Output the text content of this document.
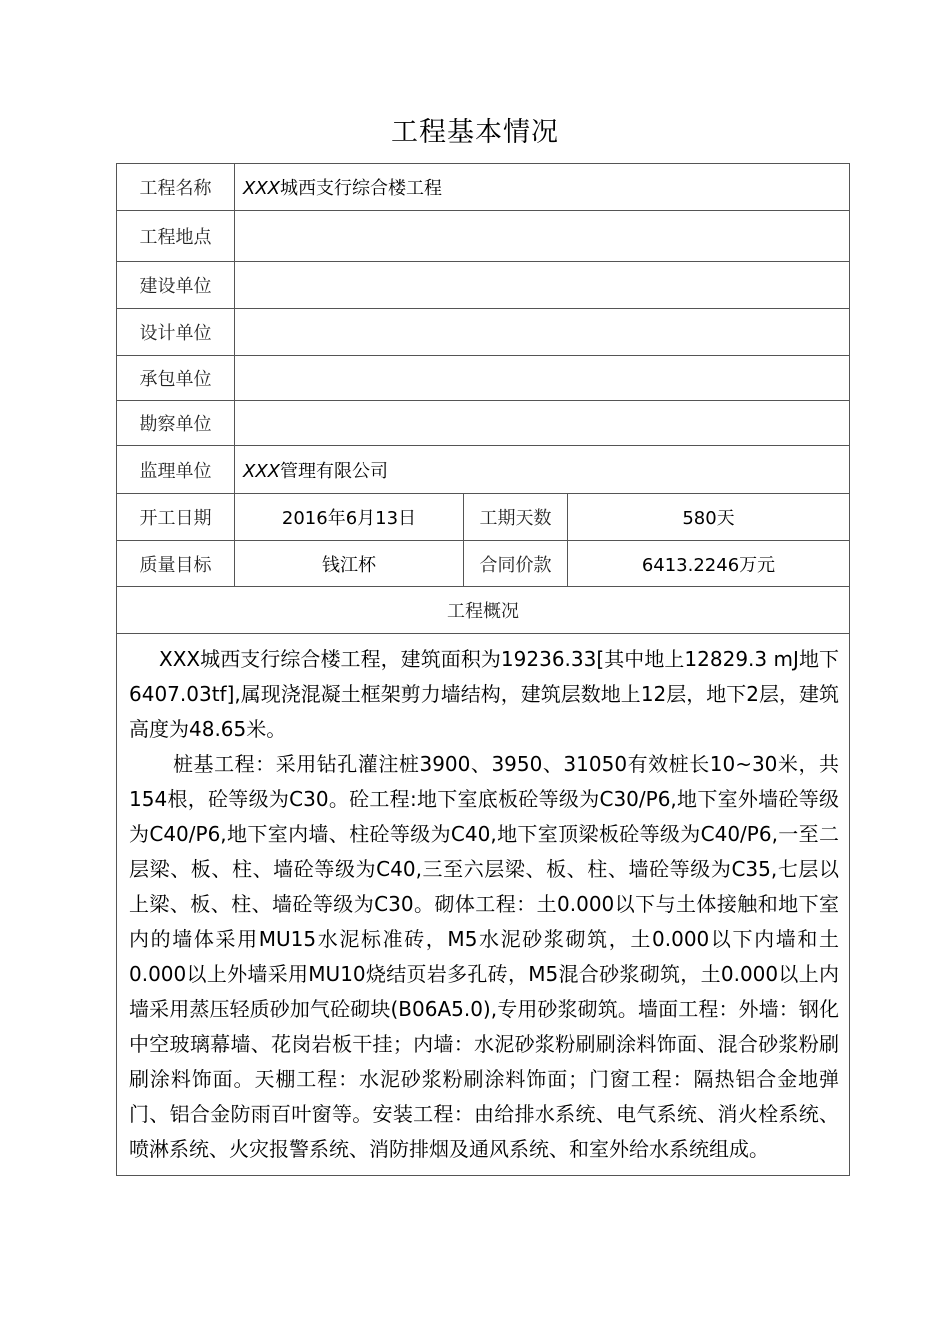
工程基本情况
工程名称	XXX城西支行综合楼工程		
工程地点			
建设单位			
设计单位			
承包单位			
勘察单位			
监理单位	XXX管理有限公司		
开工日期	2016年6月13日	工期天数	580天
质量目标	钱江杯	合同价款	6413.2246万元
工程概况			

XXX城西支行综合楼工程，建筑面积为19236.33[其中地上12829.3 mJ地下6407.03tf],属现浇混凝土框架剪力墙结构，建筑层数地上12层，地下2层，建筑高度为48.65米。

桩基工程：采用钻孔灌注桩3900、3950、31050有效桩长10~30米，共154根，砼等级为C30。砼工程:地下室底板砼等级为C30/P6,地下室外墙砼等级为C40/P6,地下室内墙、柱砼等级为C40,地下室顶梁板砼等级为C40/P6,一至二层梁、板、柱、墙砼等级为C40,三至六层梁、板、柱、墙砼等级为C35,七层以上梁、板、柱、墙砼等级为C30。砌体工程：土0.000以下与土体接触和地下室内的墙体采用MU15水泥标准砖，M5水泥砂浆砌筑，土0.000以下内墙和土0.000以上外墙采用MU10烧结页岩多孔砖，M5混合砂浆砌筑，土0.000以上内墙采用蒸压轻质砂加气砼砌块(B06A5.0),专用砂浆砌筑。墙面工程：外墙：钢化中空玻璃幕墙、花岗岩板干挂；内墙：水泥砂浆粉刷刷涂料饰面、混合砂浆粉刷刷涂料饰面。天棚工程：水泥砂浆粉刷涂料饰面；门窗工程：隔热铝合金地弹门、铝合金防雨百叶窗等。安装工程：由给排水系统、电气系统、消火栓系统、喷淋系统、火灾报警系统、消防排烟及通风系统、和室外给水系统组成。			
